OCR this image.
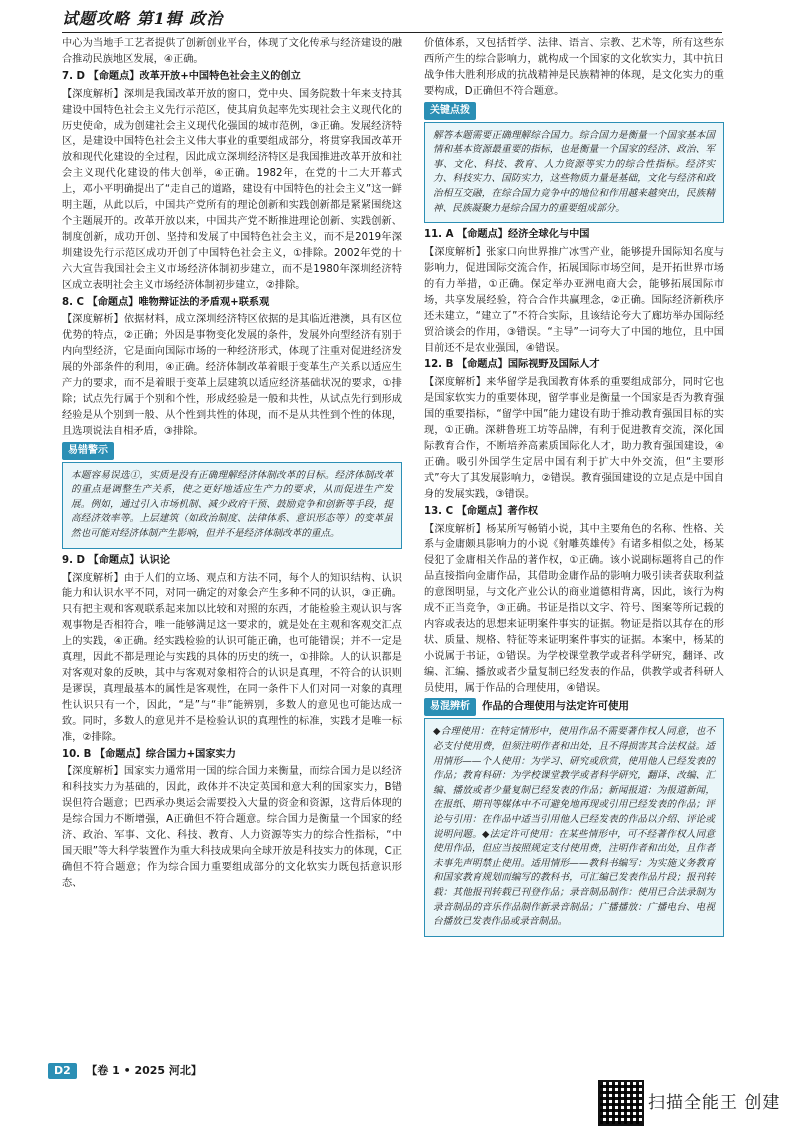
试题攻略 第1辑 政治

中心为当地手工艺者提供了创新创业平台，体现了文化传承与经济建设的融合推动民族地区发展，④正确。

7. D 【命题点】改革开放+中国特色社会主义的创立

【深度解析】深圳是我国改革开放的窗口，党中央、国务院数十年来支持其建设中国特色社会主义先行示范区，使其肩负起率先实现社会主义现代化的历史使命，成为创建社会主义现代化强国的城市范例，③正确。发展经济特区，是建设中国特色社会主义伟大事业的重要组成部分，将贯穿我国改革开放和现代化建设的全过程，因此成立深圳经济特区是我国推进改革开放和社会主义现代化建设的伟大创举，④正确。1982年，在党的十二大开幕式上，邓小平明确提出了“走自己的道路，建设有中国特色的社会主义”这一鲜明主题，从此以后，中国共产党所有的理论创新和实践创新都是紧紧围绕这个主题展开的。改革开放以来，中国共产党不断推进理论创新、实践创新、制度创新，成功开创、坚持和发展了中国特色社会主义，而不是2019年深圳建设先行示范区成功开创了中国特色社会主义，①排除。2002年党的十六大宣告我国社会主义市场经济体制初步建立，而不是1980年深圳经济特区成立表明社会主义市场经济体制初步建立，②排除。

8. C 【命题点】唯物辩证法的矛盾观+联系观

【深度解析】依据材料，成立深圳经济特区依据的是其临近港澳，具有区位优势的特点，②正确；外因是事物变化发展的条件，发展外向型经济有别于内向型经济，它是面向国际市场的一种经济形式，体现了注重对促进经济发展的外部条件的利用，④正确。经济体制改革着眼于变革生产关系以适应生产力的要求，而不是着眼于变革上层建筑以适应经济基础状况的要求，①排除；试点先行属于个别和个性，形成经验是一般和共性，从试点先行到形成经验是从个别到一般、从个性到共性的体现，而不是从共性到个性的体现，且选项说法自相矛盾，③排除。

易错警示
本题容易误选①，实质是没有正确理解经济体制改革的目标。经济体制改革的重点是调整生产关系，使之更好地适应生产力的要求，从而促进生产发展。例如，通过引入市场机制、减少政府干预、鼓励竞争和创新等手段，提高经济效率等。上层建筑（如政治制度、法律体系、意识形态等）的变革虽然也可能对经济体制产生影响，但并不是经济体制改革的重点。
9. D 【命题点】认识论

【深度解析】由于人们的立场、观点和方法不同，每个人的知识结构、认识能力和认识水平不同，对同一确定的对象会产生多种不同的认识，③正确。只有把主观和客观联系起来加以比较和对照的东西，才能检验主观认识与客观事物是否相符合，唯一能够满足这一要求的，就是处在主观和客观交汇点上的实践，④正确。经实践检验的认识可能正确，也可能错误；并不一定是真理，因此不都是理论与实践的具体的历史的统一，①排除。人的认识都是对客观对象的反映，其中与客观对象相符合的认识是真理，不符合的认识则是谬误，真理最基本的属性是客观性，在同一条件下人们对同一对象的真理性认识只有一个，因此，“是”与“非”能辨别，多数人的意见也可能达成一致。同时，多数人的意见并不是检验认识的真理性的标准，实践才是唯一标准，②排除。

10. B 【命题点】综合国力+国家实力

【深度解析】国家实力通常用一国的综合国力来衡量，而综合国力是以经济和科技实力为基础的，因此，政体并不决定英国和意大利的国家实力，B错误但符合题意；巴西承办奥运会需要投入大量的资金和资源，这背后体现的是综合国力不断增强，A正确但不符合题意。综合国力是衡量一个国家的经济、政治、军事、文化、科技、教育、人力资源等实力的综合性指标，“中国天眼”等大科学装置作为重大科技成果向全球开放是科技实力的体现，C正确但不符合题意；作为综合国力重要组成部分的文化软实力既包括意识形态、

价值体系，又包括哲学、法律、语言、宗教、艺术等，所有这些东西所产生的综合影响力，就构成一个国家的文化软实力，其中抗日战争伟大胜利形成的抗战精神是民族精神的体现，是文化实力的重要构成，D正确但不符合题意。

关键点拨
解答本题需要正确理解综合国力。综合国力是衡量一个国家基本国情和基本资源最重要的指标，也是衡量一个国家的经济、政治、军事、文化、科技、教育、人力资源等实力的综合性指标。经济实力、科技实力、国防实力，这些物质力量是基础，文化与经济和政治相互交融，在综合国力竞争中的地位和作用越来越突出，民族精神、民族凝聚力是综合国力的重要组成部分。
11. A 【命题点】经济全球化与中国

【深度解析】张家口向世界推广冰雪产业，能够提升国际知名度与影响力，促进国际交流合作，拓展国际市场空间，是开拓世界市场的有力举措，①正确。保定举办亚洲电商大会，能够拓展国际市场，共享发展经验，符合合作共赢理念，②正确。国际经济新秩序还未建立，“建立了”不符合实际，且该结论夸大了廊坊举办国际经贸洽谈会的作用，③错误。“主导”一词夸大了中国的地位，且中国目前还不是农业强国，④错误。

12. B 【命题点】国际视野及国际人才

【深度解析】来华留学是我国教育体系的重要组成部分，同时它也是国家软实力的重要体现，留学事业是衡量一个国家是否为教育强国的重要指标，“留学中国”能力建设有助于推动教育强国目标的实现，①正确。深耕鲁班工坊等品牌，有利于促进教育交流，深化国际教育合作，不断培养高素质国际化人才，助力教育强国建设，④正确。吸引外国学生定居中国有利于扩大中外交流，但“主要形式”夸大了其发展影响力，②错误。教育强国建设的立足点是中国自身的发展实践，③错误。

13. C 【命题点】著作权

【深度解析】杨某所写畅销小说，其中主要角色的名称、性格、关系与金庸颇具影响力的小说《射雕英雄传》有诸多相似之处，杨某侵犯了金庸相关作品的著作权，①正确。该小说副标题将自己的作品直接指向金庸作品，其借助金庸作品的影响力吸引读者获取利益的意图明显，与文化产业公认的商业道德相背离，因此，该行为构成不正当竞争，③正确。书证是指以文字、符号、图案等所记载的内容或表达的思想来证明案件事实的证据。物证是指以其存在的形状、质量、规格、特征等来证明案件事实的证据。本案中，杨某的小说属于书证，①错误。为学校课堂教学或者科学研究，翻译、改编、汇编、播放或者少量复制已经发表的作品，供教学或者科研人员使用，属于作品的合理使用，④错误。

易混辨析 作品的合理使用与法定许可使用
◆合理使用：在特定情形中，使用作品不需要著作权人同意，也不必支付使用费，但须注明作者和出处，且不得损害其合法权益。适用情形——个人使用：为学习、研究或欣赏，使用他人已经发表的作品；教育科研：为学校课堂教学或者科学研究，翻译、改编、汇编、播放或者少量复制已经发表的作品；新闻报道：为报道新闻，在报纸、期刊等媒体中不可避免地再现或引用已经发表的作品；评论与引用：在作品中适当引用他人已经发表的作品以介绍、评论或说明问题。◆法定许可使用：在某些情形中，可不经著作权人同意使用作品，但应当按照规定支付使用费，注明作者和出处，且作者未事先声明禁止使用。适用情形——教科书编写：为实施义务教育和国家教育规划而编写的教科书，可汇编已发表作品片段；报刊转载：其他报刊转载已刊登作品；录音制品制作：使用已合法录制为录音制品的音乐作品制作新录音制品；广播播放：广播电台、电视台播放已发表作品或录音制品。
D2 【卷 1 • 2025 河北】
扫描全能王 创建
